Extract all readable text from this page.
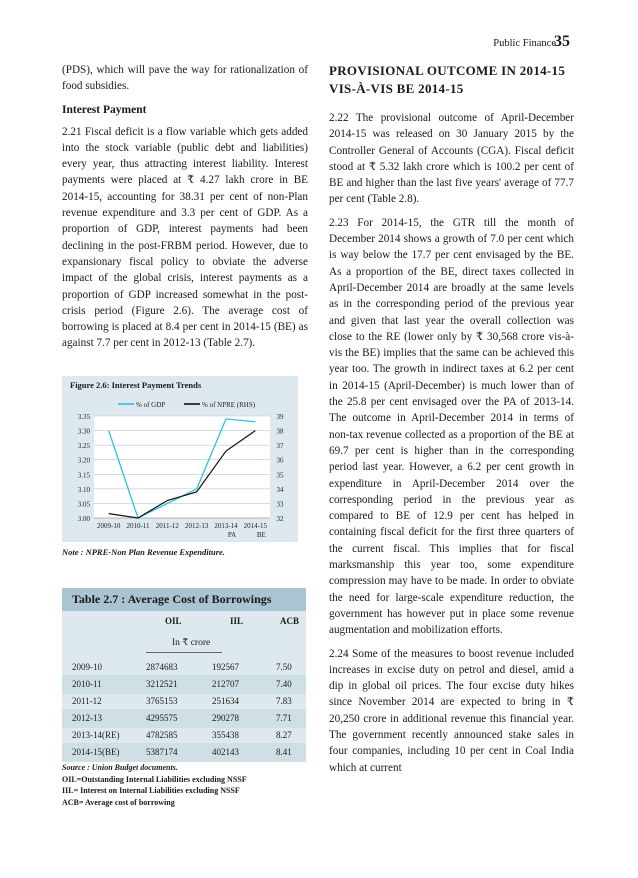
Public Finance
35

(PDS), which will pave the way for rationalization of food subsidies.

Interest Payment

2.21 Fiscal deficit is a flow variable which gets added into the stock variable (public debt and liabilities) every year, thus attracting interest liability. Interest payments were placed at ₹ 4.27 lakh crore in BE 2014-15, accounting for 38.31 per cent of non-Plan revenue expenditure and 3.3 per cent of GDP. As a proportion of GDP, interest payments had been declining in the post-FRBM period. However, due to expansionary fiscal policy to obviate the adverse impact of the global crisis, interest payments as a proportion of GDP increased somewhat in the post-crisis period (Figure 2.6). The average cost of borrowing is placed at 8.4 per cent in 2014-15 (BE) as against 7.7 per cent in 2012-13 (Table 2.7).

Figure 2.6: Interest Payment Trends
3.35
3.30
3.25
3.20
3.15
3.10
3.05
3.00
39
38
37
36
35
34
33
32
2009-10 2010-11 2011-12 2012-13 2013-14
PA
2014-15
BE
% of GDP	% of NPRE (RHS)
Note : NPRE-Non Plan Revenue Expenditure.
Table 2.7 : Average Cost of Borrowings
OIL	IIL	ACB
In ₹ crore
2009-10	2874683	192567	7.50
2010-11	3212521	212707	7.40
2011-12	3765153	251634	7.83
2012-13	4295575	290278	7.71
2013-14(RE)	4782585	355438	8.27
2014-15(BE)	5387174	402143	8.41
Source : Union Budget documents.
OIL=Outstanding Internal Liabilities excluding NSSF
IIL= Interest on Internal Liabilities excluding NSSF
ACB= Average cost of borrowing
PROVISIONAL OUTCOME IN 2014-15
VIS-À-VIS BE 2014-15

2.22 The provisional outcome of April-December 2014-15 was released on 30 January 2015 by the Controller General of Accounts (CGA). Fiscal deficit stood at ₹ 5.32 lakh crore which is 100.2 per cent of BE and higher than the last five years' average of 77.7 per cent (Table 2.8).

2.23 For 2014-15, the GTR till the month of December 2014 shows a growth of 7.0 per cent which is way below the 17.7 per cent envisaged by the BE. As a proportion of the BE, direct taxes collected in April-December 2014 are broadly at the same levels as in the corresponding period of the previous year and given that last year the overall collection was close to the RE (lower only by ₹ 30,568 crore vis-à-vis the BE) implies that the same can be achieved this year too. The growth in indirect taxes at 6.2 per cent in 2014-15 (April-December) is much lower than of the 25.8 per cent envisaged over the PA of 2013-14. The outcome in April-December 2014 in terms of non-tax revenue collected as a proportion of the BE at 69.7 per cent is higher than in the corresponding period last year. However, a 6.2 per cent growth in expenditure in April-December 2014 over the corresponding period in the previous year as compared to BE of 12.9 per cent has helped in containing fiscal deficit for the first three quarters of the current fiscal. This implies that for fiscal marksmanship this year too, some expenditure compression may have to be made. In order to obviate the need for large-scale expenditure reduction, the government has however put in place some revenue augmentation and mobilization efforts.

2.24 Some of the measures to boost revenue included increases in excise duty on petrol and diesel, amid a dip in global oil prices. The four excise duty hikes since November 2014 are expected to bring in ₹ 20,250 crore in additional revenue this financial year. The government recently announced stake sales in four companies, including 10 per cent in Coal India which at current
